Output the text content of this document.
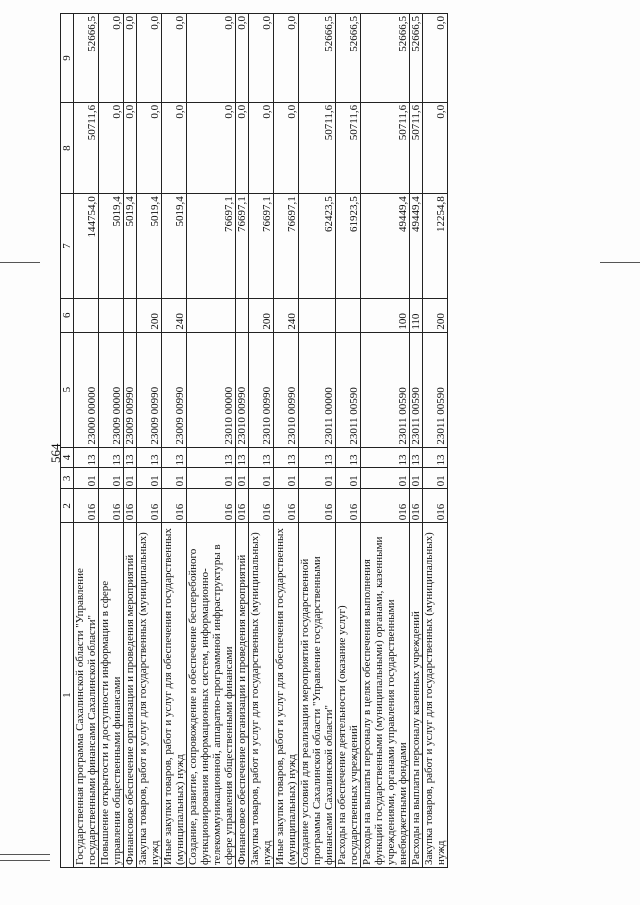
564
1	2	3	4	5	6	7	8	9
Государственная программа Сахалинской области "Управление государственными финансами Сахалинской области"	016	01	13	23000 00000		144754,0	50711,6	52666,5
Повышение открытости и доступности информации в сфере управления общественными финансами	016	01	13	23009 00000		5019,4	0,0	0,0
Финансовое обеспечение организации и проведения мероприятий	016	01	13	23009 00990		5019,4	0,0	0,0
Закупка товаров, работ и услуг для государственных (муниципальных) нужд	016	01	13	23009 00990	200	5019,4	0,0	0,0
Иные закупки товаров, работ и услуг для обеспечения государственных (муниципальных) нужд	016	01	13	23009 00990	240	5019,4	0,0	0,0
Создание, развитие, сопровождение и обеспечение бесперебойного функционирования информационных систем, информационно-телекоммуникационной, аппаратно-программной инфраструктуры в сфере управления общественными финансами	016	01	13	23010 00000		76697,1	0,0	0,0
Финансовое обеспечение организации и проведения мероприятий	016	01	13	23010 00990		76697,1	0,0	0,0
Закупка товаров, работ и услуг для государственных (муниципальных) нужд	016	01	13	23010 00990	200	76697,1	0,0	0,0
Иные закупки товаров, работ и услуг для обеспечения государственных (муниципальных) нужд	016	01	13	23010 00990	240	76697,1	0,0	0,0
Создание условий для реализации мероприятий государственной программы Сахалинской области "Управление государственными финансами Сахалинской области"	016	01	13	23011 00000		62423,5	50711,6	52666,5
Расходы на обеспечение деятельности (оказание услуг) государственных учреждений	016	01	13	23011 00590		61923,5	50711,6	52666,5
Расходы на выплаты персоналу в целях обеспечения выполнения функций государственными (муниципальными) органами, казенными учреждениями, органами управления государственными внебюджетными фондами	016	01	13	23011 00590	100	49449,4	50711,6	52666,5
Расходы на выплаты персоналу казенных учреждений	016	01	13	23011 00590	110	49449,4	50711,6	52666,5
Закупка товаров, работ и услуг для государственных (муниципальных) нужд	016	01	13	23011 00590	200	12254,8	0,0	0,0
